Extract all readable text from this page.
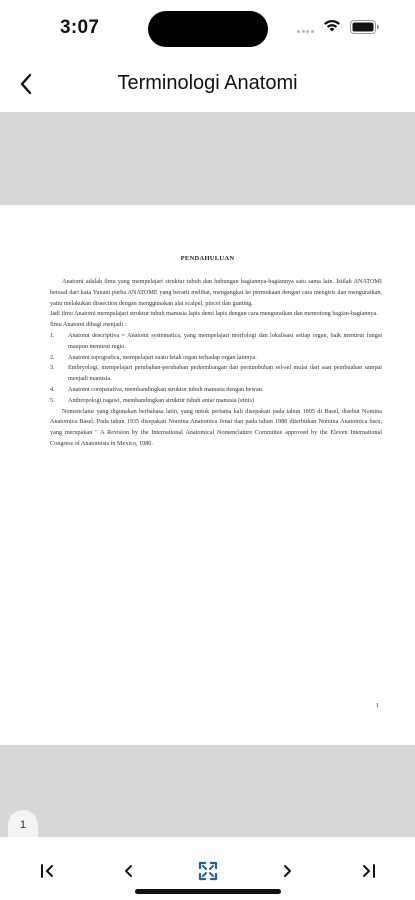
3:07
Terminologi Anatomi
PENDAHULUAN

Anatomi adalah ilmu yang mempelajari struktur tubuh dan hubungan bagiannya-bagiannya satu sama lain. Istilah ANATOMI berasal dari kata Yunani purba ANATOME yang berarti melihat, mengangkat ke permukaan dengan cara mengiris dan menguraikan, yaitu melakukan dissection dengan menggunakan alat scalpel, pincet dan gunting.

Jadi ilmu Anatomi mempelajari struktur tubuh manusia lapis demi lapis dengan cara menguraikan dan memotong bagian-bagiannya.

Ilmu Anatomi dibagi menjadi :

1. Anatomi descriptiva = Anatomi systematica, yang mempelajari morfologi dan lokalisasi setiap organ, baik menurut fungsi maupun menurut regio.
2. Anatomi topografica, mempelajari suatu letak organ terhadap organ lainnya.
3. Embryologi, mempelajari perubahan-perubahan perkembangan dan pertumbuhan sel-sel mulai dari saat pembuahan sampai menjadi manusia.
4. Anatomi comparativa, membandingkan struktur tubuh manusia dengan hewan.
5. Anthropologi ragawi, membandingkan struktur tubuh antar manusia (etnis)

Nomenclatur yang digunakan berbahasa latin, yang untuk pertama kali disepakati pada tahun 1895 di Basel, disebut Nomina Anatomica Basel. Pada tahun 1935 disepakati Nomina Anatomica Jenai dan pada tahun 1980 diterbitkan Nomina Anatomica baru, yang merupakan " A Revision by the International Anatomical Nomenclature Committee approved by the Eleven International Congress of Anatomists in Mexico, 1980.

1
1
